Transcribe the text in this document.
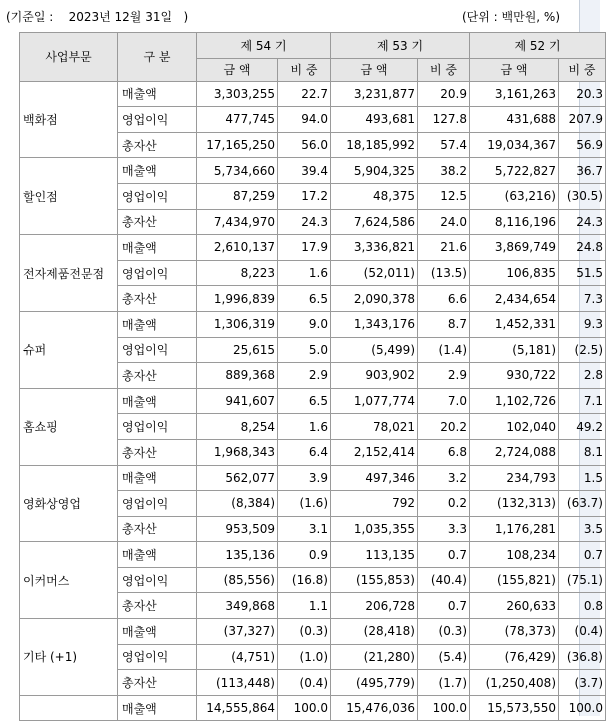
(기준일 :    2023년 12월 31일   )	(단위 : 백만원, %)
사업부문	구 분	제 54 기		제 53 기		제 52 기	
		금 액	비 중	금 액	비 중	금 액	비 중
백화점	매출액	3,303,255	22.7	3,231,877	20.9	3,161,263	20.3
	영업이익	477,745	94.0	493,681	127.8	431,688	207.9
	총자산	17,165,250	56.0	18,185,992	57.4	19,034,367	56.9
할인점	매출액	5,734,660	39.4	5,904,325	38.2	5,722,827	36.7
	영업이익	87,259	17.2	48,375	12.5	(63,216)	(30.5)
	총자산	7,434,970	24.3	7,624,586	24.0	8,116,196	24.3
전자제품전문점	매출액	2,610,137	17.9	3,336,821	21.6	3,869,749	24.8
	영업이익	8,223	1.6	(52,011)	(13.5)	106,835	51.5
	총자산	1,996,839	6.5	2,090,378	6.6	2,434,654	7.3
슈퍼	매출액	1,306,319	9.0	1,343,176	8.7	1,452,331	9.3
	영업이익	25,615	5.0	(5,499)	(1.4)	(5,181)	(2.5)
	총자산	889,368	2.9	903,902	2.9	930,722	2.8
홈쇼핑	매출액	941,607	6.5	1,077,774	7.0	1,102,726	7.1
	영업이익	8,254	1.6	78,021	20.2	102,040	49.2
	총자산	1,968,343	6.4	2,152,414	6.8	2,724,088	8.1
영화상영업	매출액	562,077	3.9	497,346	3.2	234,793	1.5
	영업이익	(8,384)	(1.6)	792	0.2	(132,313)	(63.7)
	총자산	953,509	3.1	1,035,355	3.3	1,176,281	3.5
이커머스	매출액	135,136	0.9	113,135	0.7	108,234	0.7
	영업이익	(85,556)	(16.8)	(155,853)	(40.4)	(155,821)	(75.1)
	총자산	349,868	1.1	206,728	0.7	260,633	0.8
기타 (+1)	매출액	(37,327)	(0.3)	(28,418)	(0.3)	(78,373)	(0.4)
	영업이익	(4,751)	(1.0)	(21,280)	(5.4)	(76,429)	(36.8)
	총자산	(113,448)	(0.4)	(495,779)	(1.7)	(1,250,408)	(3.7)
	매출액	14,555,864	100.0	15,476,036	100.0	15,573,550	100.0
